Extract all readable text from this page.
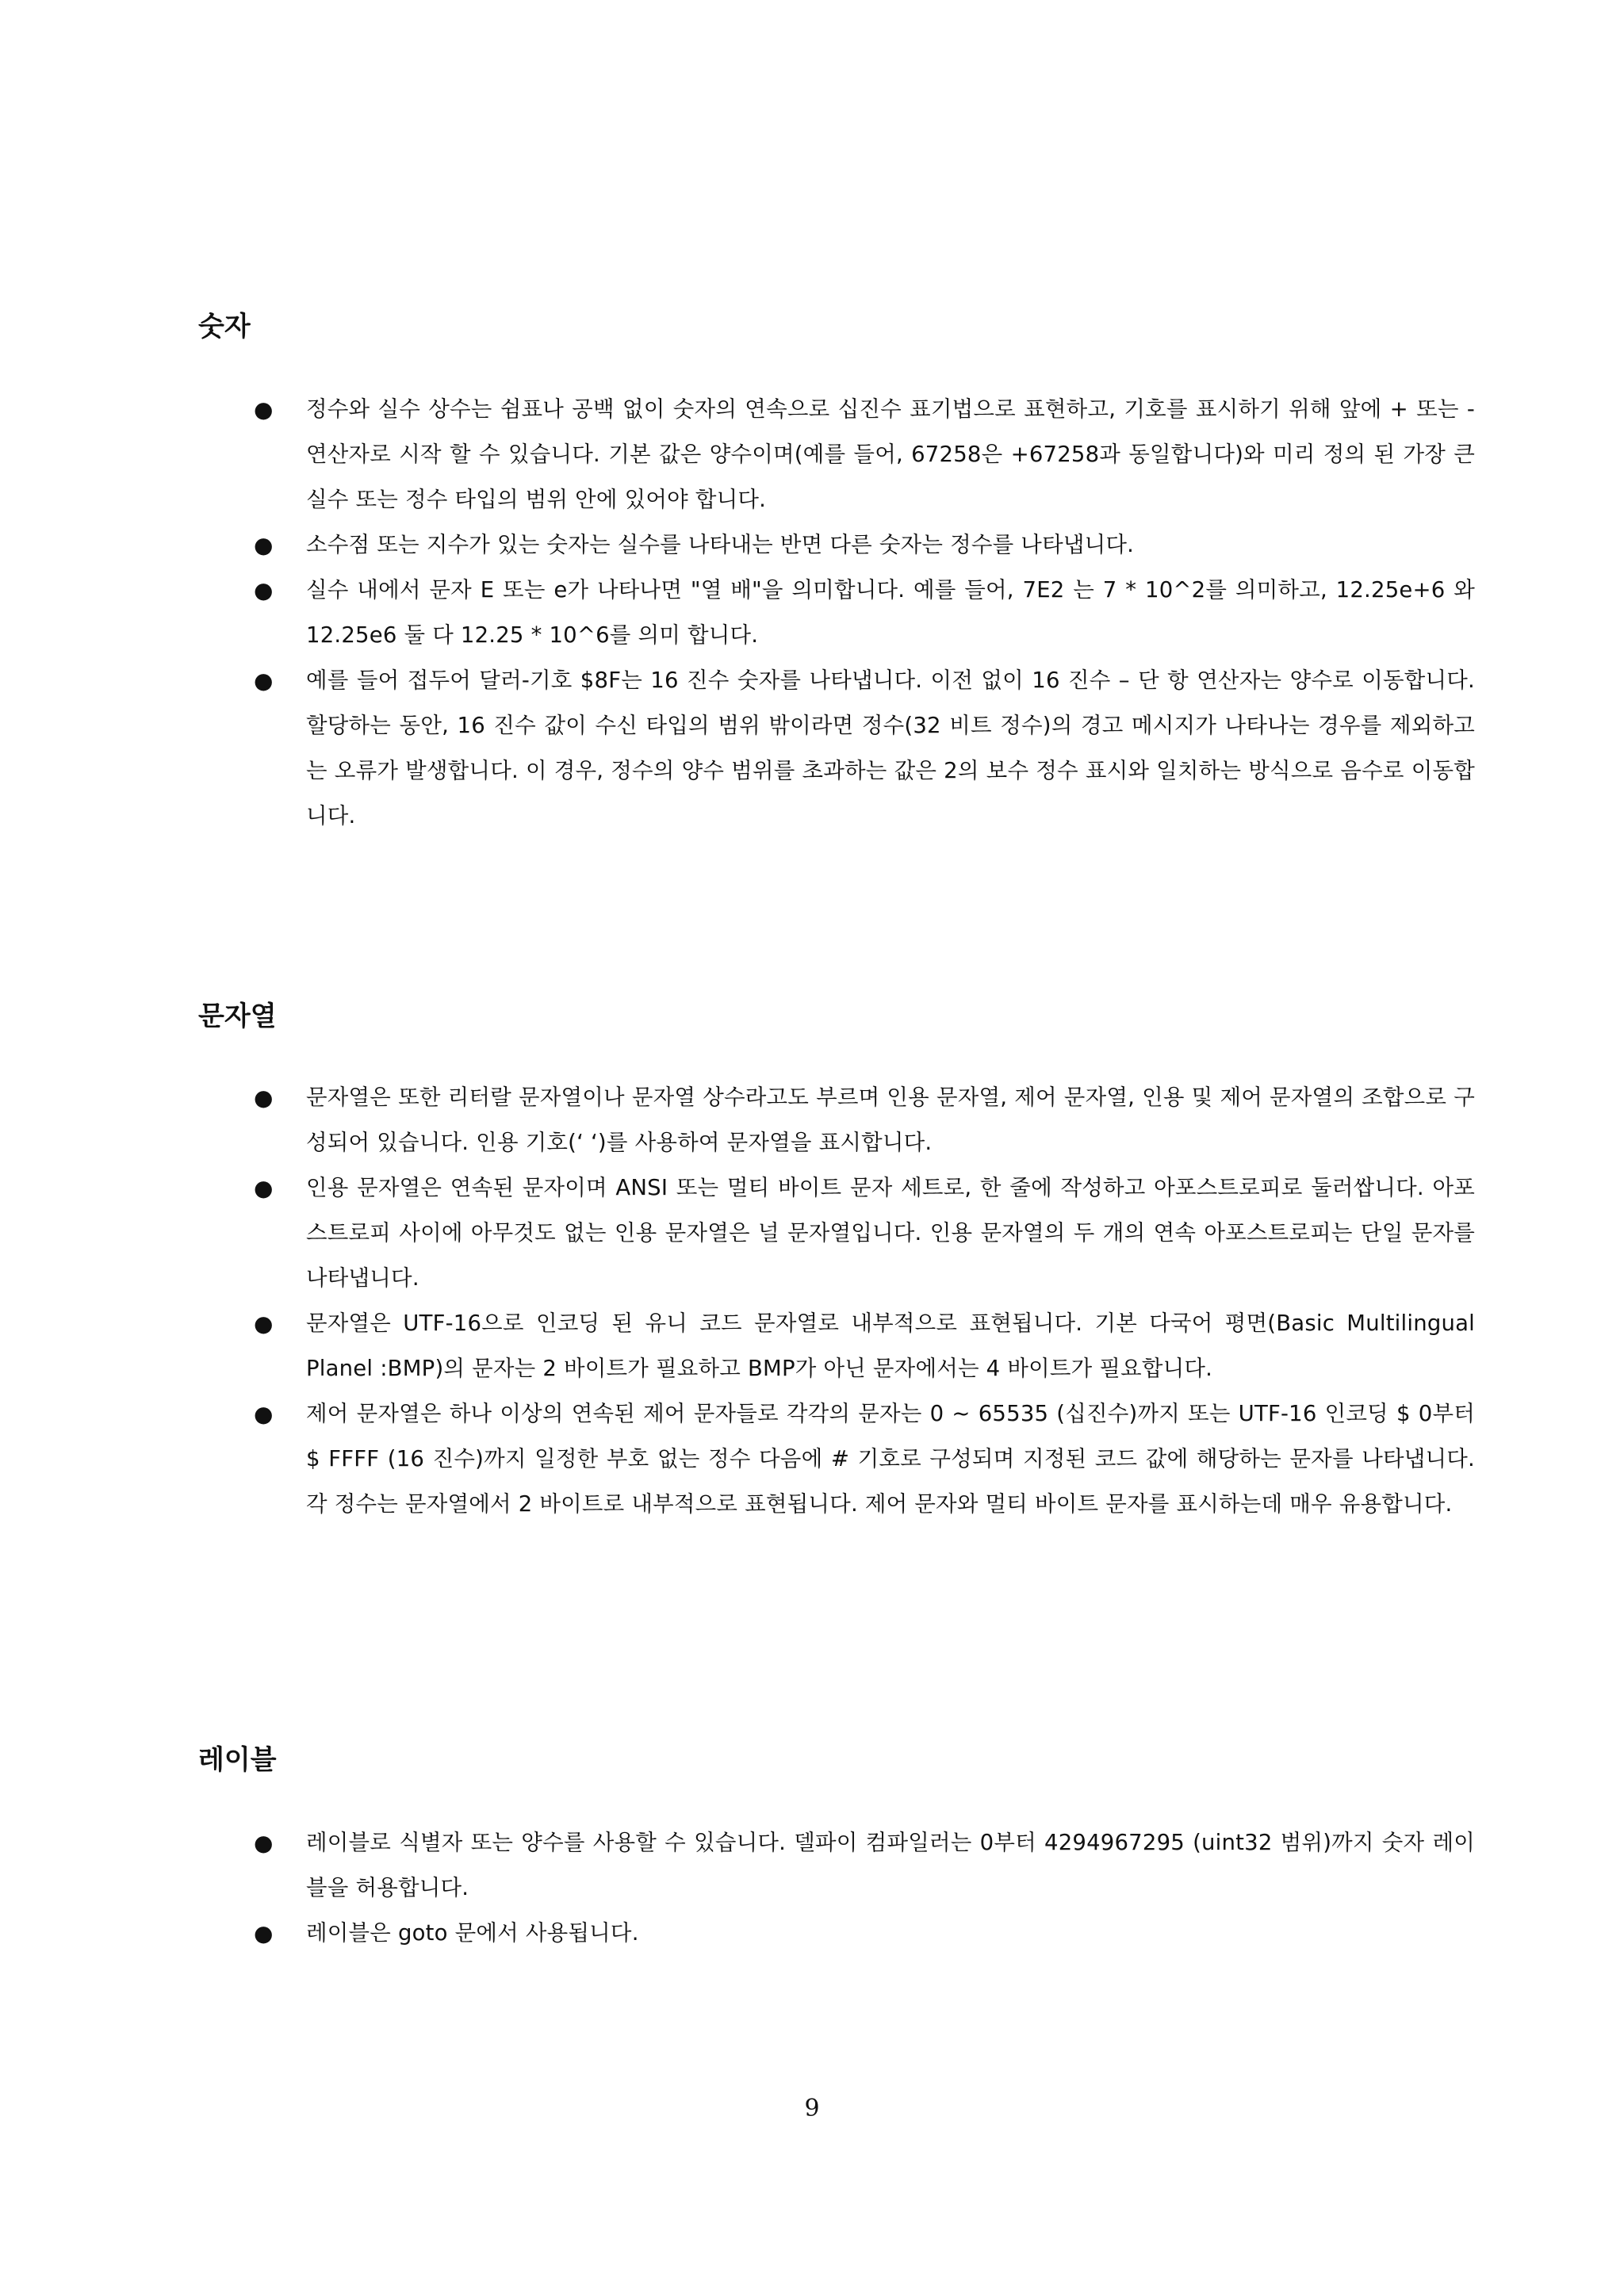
숫자
●	정수와 실수 상수는 쉼표나 공백 없이 숫자의 연속으로 십진수 표기법으로 표현하고, 기호를 표시하기 위해 앞에 + 또는 - 연산자로 시작 할 수 있습니다. 기본 값은 양수이며(예를 들어, 67258은 +67258과 동일합니다)와 미리 정의 된 가장 큰 실수 또는 정수 타입의 범위 안에 있어야 합니다.
●	소수점 또는 지수가 있는 숫자는 실수를 나타내는 반면 다른 숫자는 정수를 나타냅니다.
●	실수 내에서 문자 E 또는 e가 나타나면 "열 배"을 의미합니다. 예를 들어, 7E2 는 7 * 10^2를 의미하고, 12.25e+6 와 12.25e6 둘 다 12.25 * 10^6를 의미 합니다.
●	예를 들어 접두어 달러-기호 $8F는 16 진수 숫자를 나타냅니다. 이전 없이 16 진수 – 단 항 연산자는 양수로 이동합니다. 할당하는 동안, 16 진수 값이 수신 타입의 범위 밖이라면 정수(32 비트 정수)의 경고 메시지가 나타나는 경우를 제외하고는 오류가 발생합니다. 이 경우, 정수의 양수 범위를 초과하는 값은 2의 보수 정수 표시와 일치하는 방식으로 음수로 이동합니다.
문자열
●	문자열은 또한 리터랄 문자열이나 문자열 상수라고도 부르며 인용 문자열, 제어 문자열, 인용 및 제어 문자열의 조합으로 구성되어 있습니다. 인용 기호(‘ ‘)를 사용하여 문자열을 표시합니다.
●	인용 문자열은 연속된 문자이며 ANSI 또는 멀티 바이트 문자 세트로, 한 줄에 작성하고 아포스트로피로 둘러쌉니다. 아포스트로피 사이에 아무것도 없는 인용 문자열은 널 문자열입니다. 인용 문자열의 두 개의 연속 아포스트로피는 단일 문자를 나타냅니다.
●	문자열은 UTF-16으로 인코딩 된 유니 코드 문자열로 내부적으로 표현됩니다. 기본 다국어 평면(Basic Multilingual Planel :BMP)의 문자는 2 바이트가 필요하고 BMP가 아닌 문자에서는 4 바이트가 필요합니다.
●	제어 문자열은 하나 이상의 연속된 제어 문자들로 각각의 문자는 0 ~ 65535 (십진수)까지 또는 UTF-16 인코딩 $ 0부터 $ FFFF (16 진수)까지 일정한 부호 없는 정수 다음에 # 기호로 구성되며 지정된 코드 값에 해당하는 문자를 나타냅니다. 각 정수는 문자열에서 2 바이트로 내부적으로 표현됩니다. 제어 문자와 멀티 바이트 문자를 표시하는데 매우 유용합니다.
레이블
●	레이블로 식별자 또는 양수를 사용할 수 있습니다. 델파이 컴파일러는 0부터 4294967295 (uint32 범위)까지 숫자 레이블을 허용합니다.
●	레이블은 goto 문에서 사용됩니다.
9
